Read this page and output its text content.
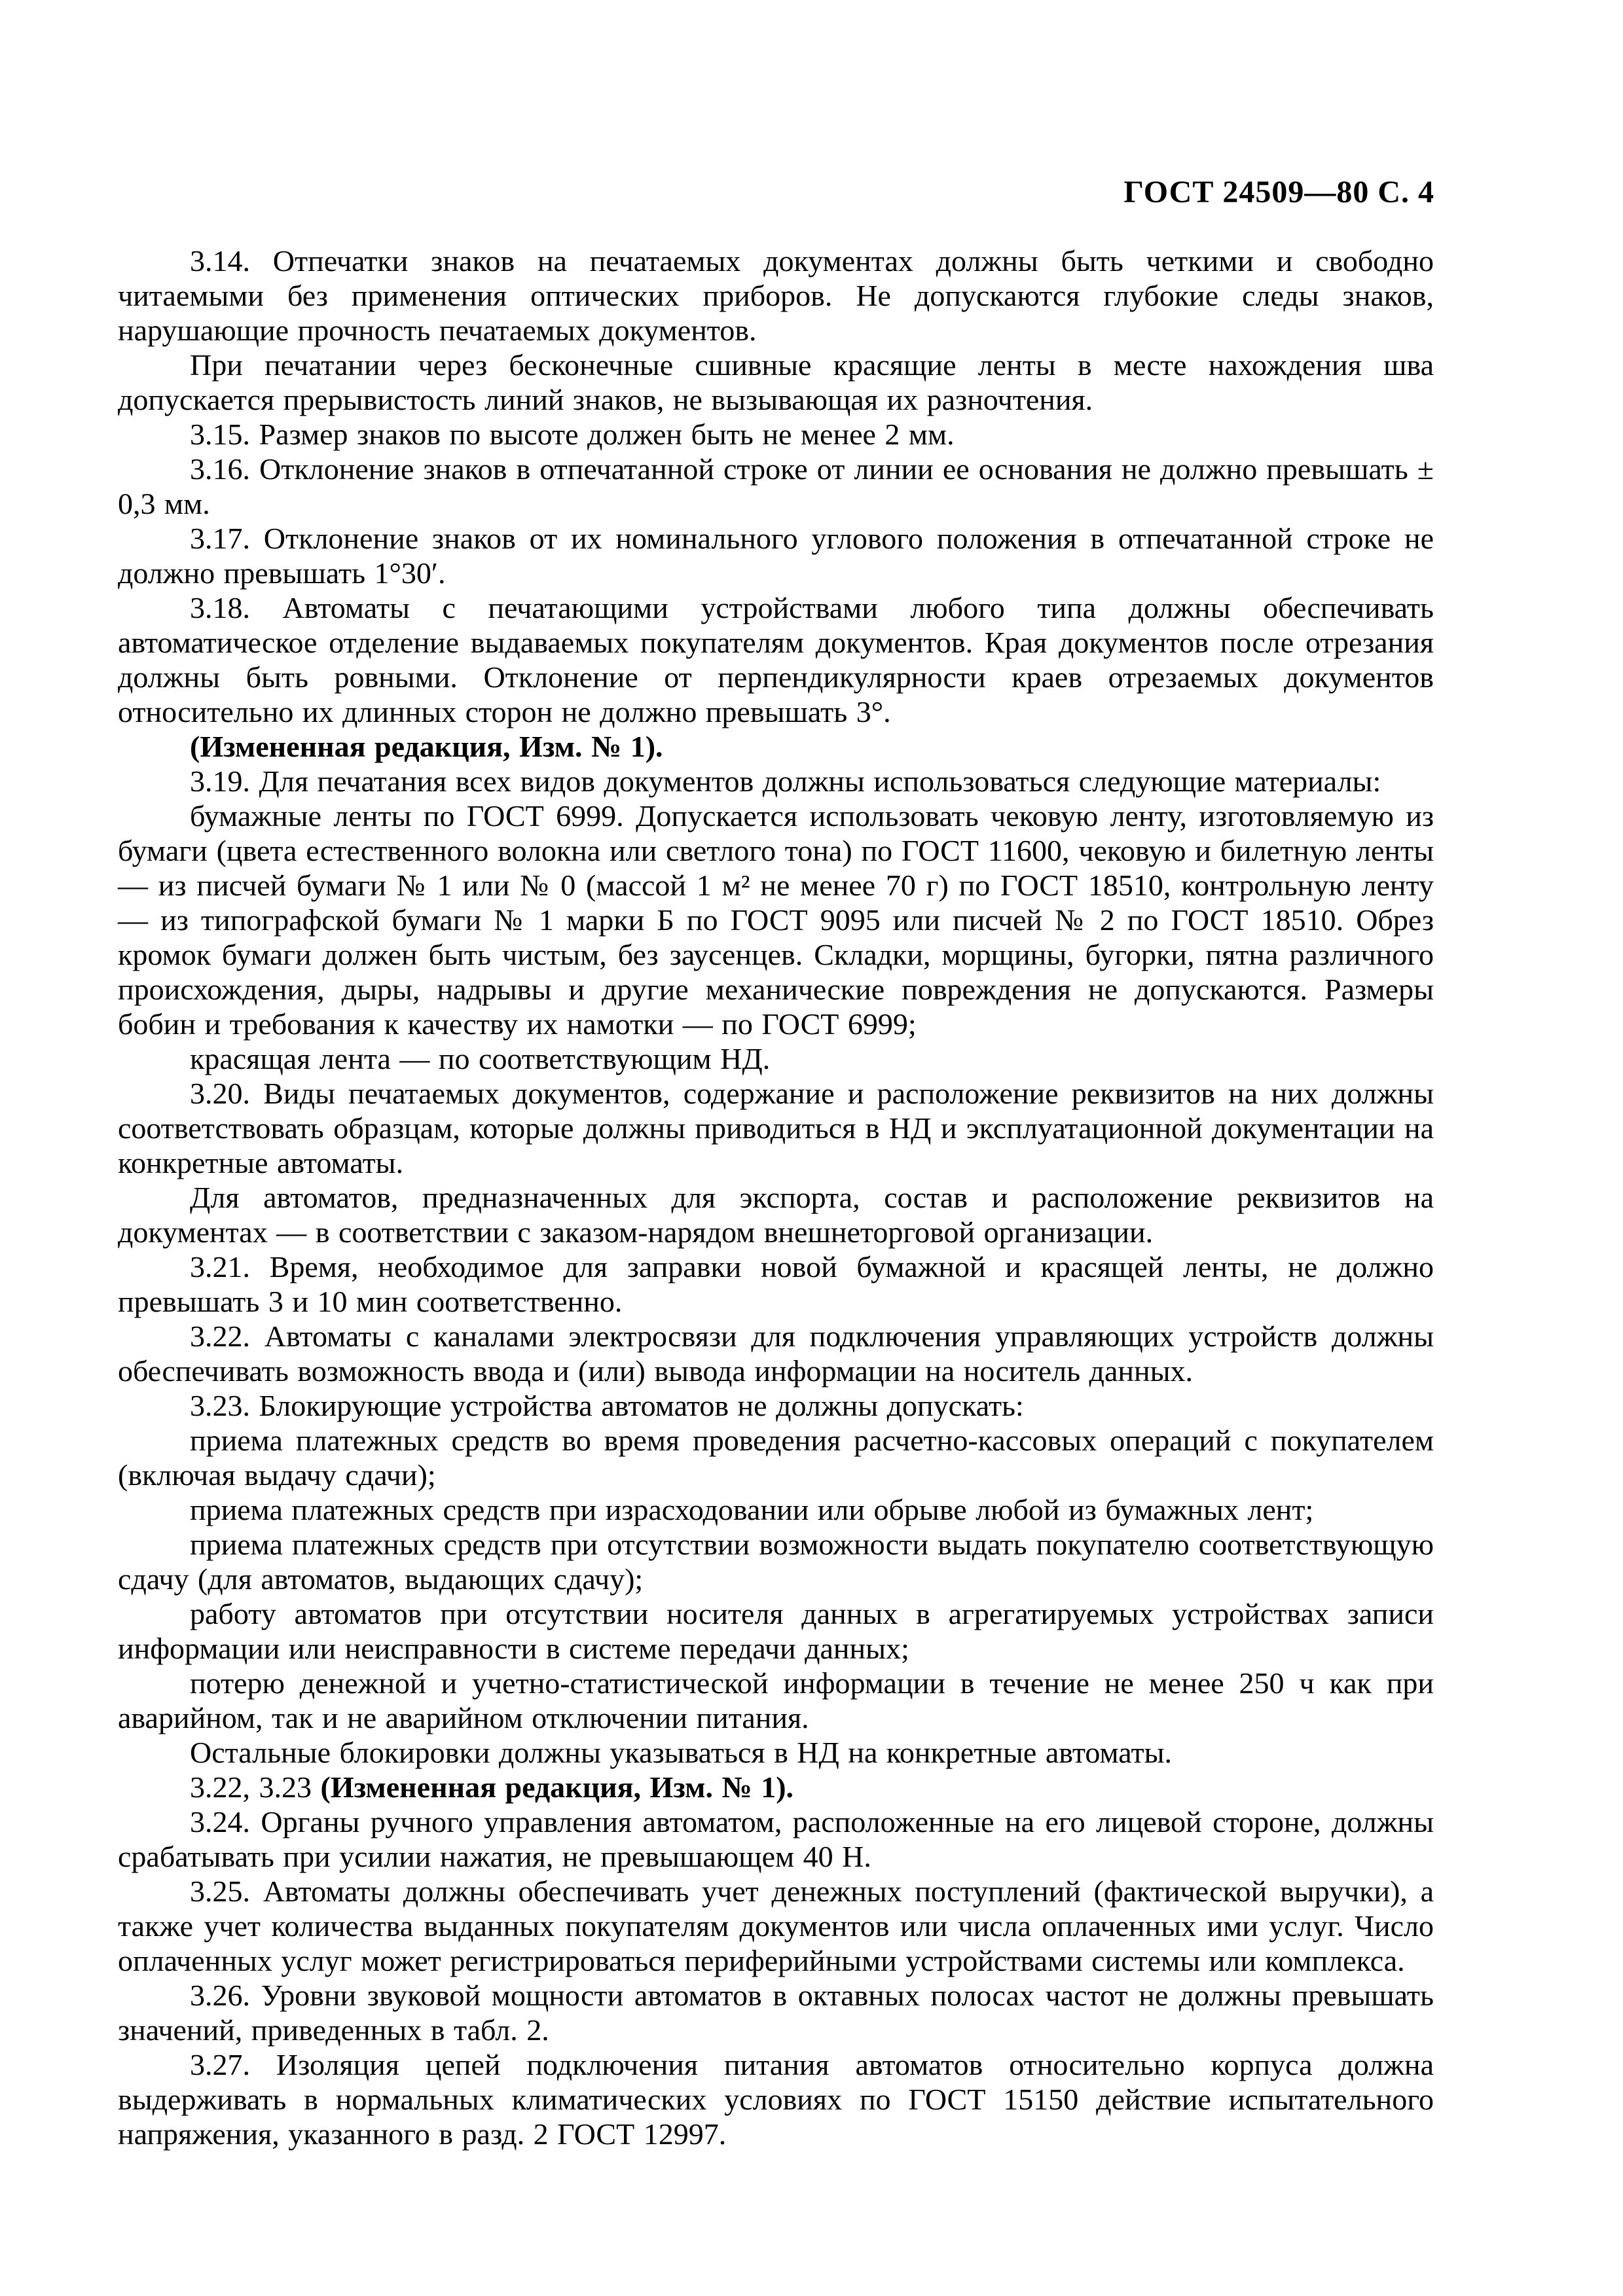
ГОСТ 24509—80 С. 4

3.14. Отпечатки знаков на печатаемых документах должны быть четкими и свободно читаемыми без применения оптических приборов. Не допускаются глубокие следы знаков, нарушающие прочность печатаемых документов.

При печатании через бесконечные сшивные красящие ленты в месте нахождения шва допускается прерывистость линий знаков, не вызывающая их разночтения.

3.15. Размер знаков по высоте должен быть не менее 2 мм.

3.16. Отклонение знаков в отпечатанной строке от линии ее основания не должно превышать ± 0,3 мм.

3.17. Отклонение знаков от их номинального углового положения в отпечатанной строке не должно превышать 1°30′.

3.18. Автоматы с печатающими устройствами любого типа должны обеспечивать автоматическое отделение выдаваемых покупателям документов. Края документов после отрезания должны быть ровными. Отклонение от перпендикулярности краев отрезаемых документов относительно их длинных сторон не должно превышать 3°.

(Измененная редакция, Изм. № 1).

3.19. Для печатания всех видов документов должны использоваться следующие материалы:

бумажные ленты по ГОСТ 6999. Допускается использовать чековую ленту, изготовляемую из бумаги (цвета естественного волокна или светлого тона) по ГОСТ 11600, чековую и билетную ленты — из писчей бумаги № 1 или № 0 (массой 1 м² не менее 70 г) по ГОСТ 18510, контрольную ленту — из типографской бумаги № 1 марки Б по ГОСТ 9095 или писчей № 2 по ГОСТ 18510. Обрез кромок бумаги должен быть чистым, без заусенцев. Складки, морщины, бугорки, пятна различного происхождения, дыры, надрывы и другие механические повреждения не допускаются. Размеры бобин и требования к качеству их намотки — по ГОСТ 6999;

красящая лента — по соответствующим НД.

3.20. Виды печатаемых документов, содержание и расположение реквизитов на них должны соответствовать образцам, которые должны приводиться в НД и эксплуатационной документации на конкретные автоматы.

Для автоматов, предназначенных для экспорта, состав и расположение реквизитов на документах — в соответствии с заказом-нарядом внешнеторговой организации.

3.21. Время, необходимое для заправки новой бумажной и красящей ленты, не должно превышать 3 и 10 мин соответственно.

3.22. Автоматы с каналами электросвязи для подключения управляющих устройств должны обеспечивать возможность ввода и (или) вывода информации на носитель данных.

3.23. Блокирующие устройства автоматов не должны допускать:

приема платежных средств во время проведения расчетно-кассовых операций с покупателем (включая выдачу сдачи);

приема платежных средств при израсходовании или обрыве любой из бумажных лент;

приема платежных средств при отсутствии возможности выдать покупателю соответствующую сдачу (для автоматов, выдающих сдачу);

работу автоматов при отсутствии носителя данных в агрегатируемых устройствах записи информации или неисправности в системе передачи данных;

потерю денежной и учетно-статистической информации в течение не менее 250 ч как при аварийном, так и не аварийном отключении питания.

Остальные блокировки должны указываться в НД на конкретные автоматы.

3.22, 3.23 (Измененная редакция, Изм. № 1).

3.24. Органы ручного управления автоматом, расположенные на его лицевой стороне, должны срабатывать при усилии нажатия, не превышающем 40 Н.

3.25. Автоматы должны обеспечивать учет денежных поступлений (фактической выручки), а также учет количества выданных покупателям документов или числа оплаченных ими услуг. Число оплаченных услуг может регистрироваться периферийными устройствами системы или комплекса.

3.26. Уровни звуковой мощности автоматов в октавных полосах частот не должны превышать значений, приведенных в табл. 2.

3.27. Изоляция цепей подключения питания автоматов относительно корпуса должна выдерживать в нормальных климатических условиях по ГОСТ 15150 действие испытательного напряжения, указанного в разд. 2 ГОСТ 12997.
